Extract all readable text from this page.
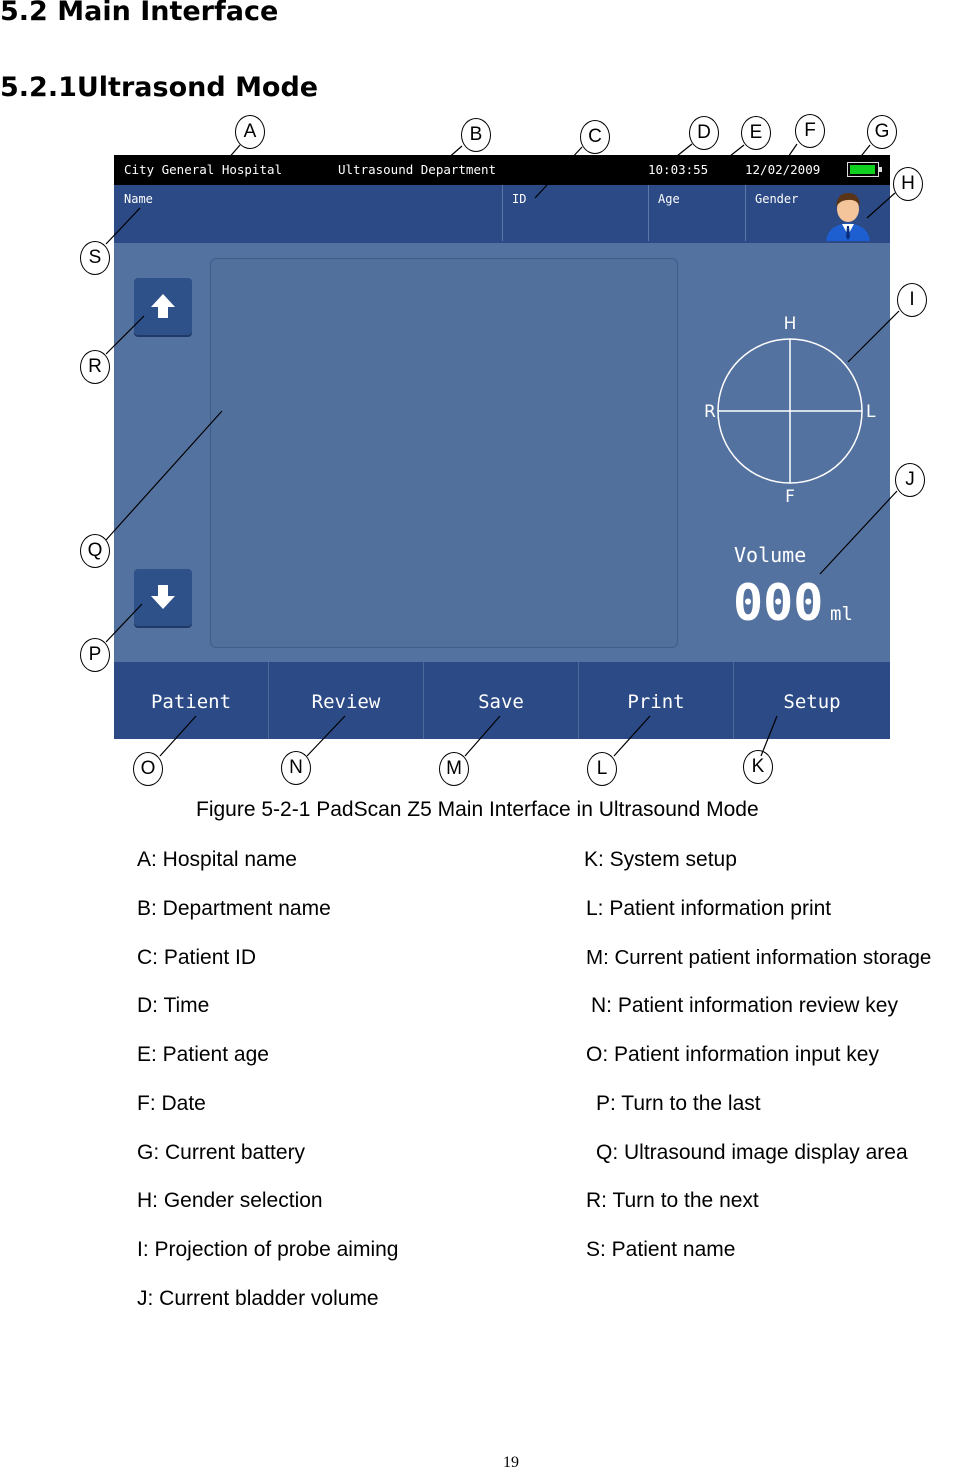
5.2 Main Interface
5.2.1Ultrasond Mode
City General Hospital	Ultrasound Department	10:03:55	12/02/2009
Name	ID	Age	Gender
H
F
R	L
Volume
000 ml
Patient	Review	Save	Print	Setup
A	B	C	D	E	F	G
H
I
J
K
L
M
N
O
P
Q
R
S
Figure 5-2-1 PadScan Z5 Main Interface in Ultrasound Mode
A: Hospital name
B: Department name
C: Patient ID
D: Time
E: Patient age
F: Date
G: Current battery
H: Gender selection
I: Projection of probe aiming
J: Current bladder volume
K: System setup
L: Patient information print
M: Current patient information storage
N: Patient information review key
O: Patient information input key
P: Turn to the last
Q: Ultrasound image display area
R: Turn to the next
S: Patient name
19
